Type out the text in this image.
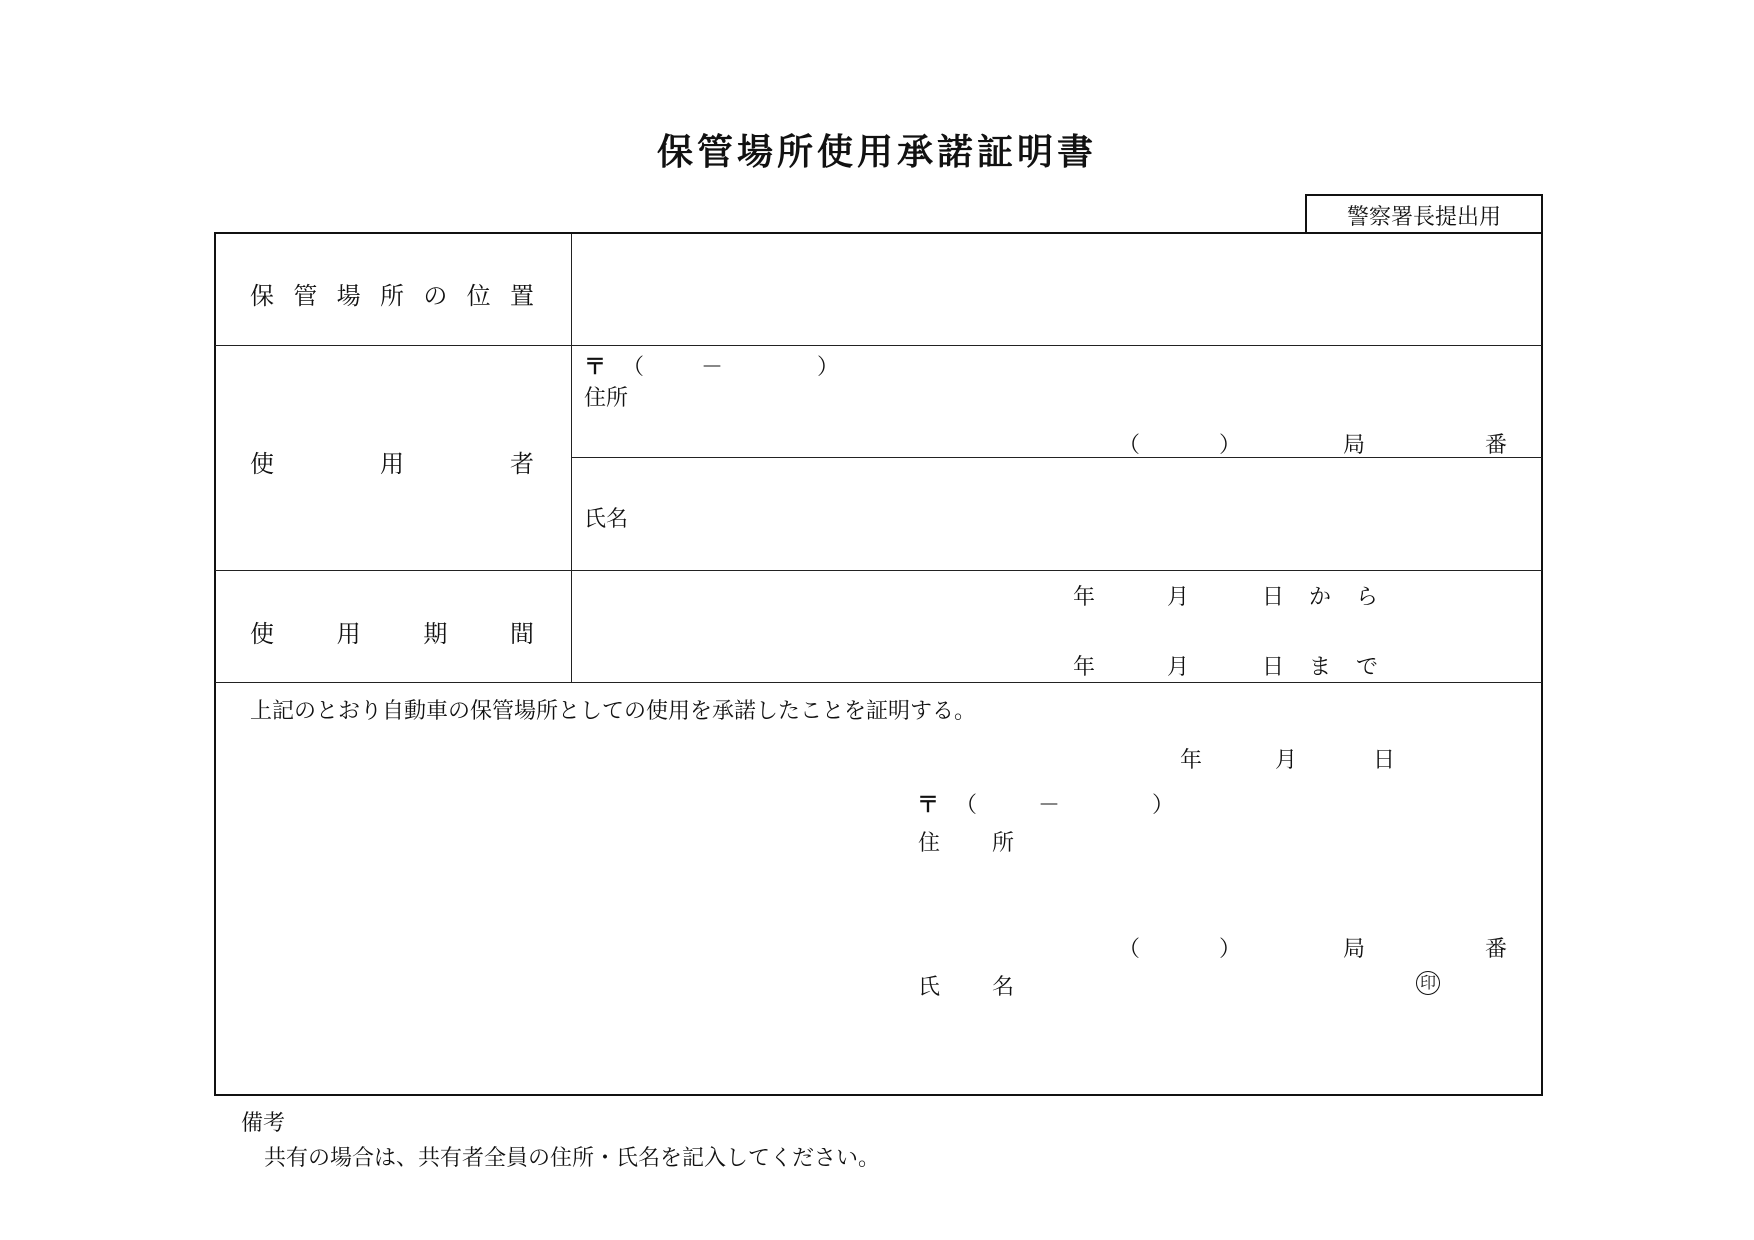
保管場所使用承諾証明書
警察署長提出用
保 管 場 所 の 位 置
使	用	者
〒 （	－	）
住所
（	）	局	番
氏名
使	用	期	間
年	月	日 か ら
年	月	日 ま で
上記のとおり自動車の保管場所としての使用を承諾したことを証明する。
年	月	日
〒 （	－	）
住 所
（	）	局	番
氏 名	印
備考
共有の場合は、共有者全員の住所・氏名を記入してください。
